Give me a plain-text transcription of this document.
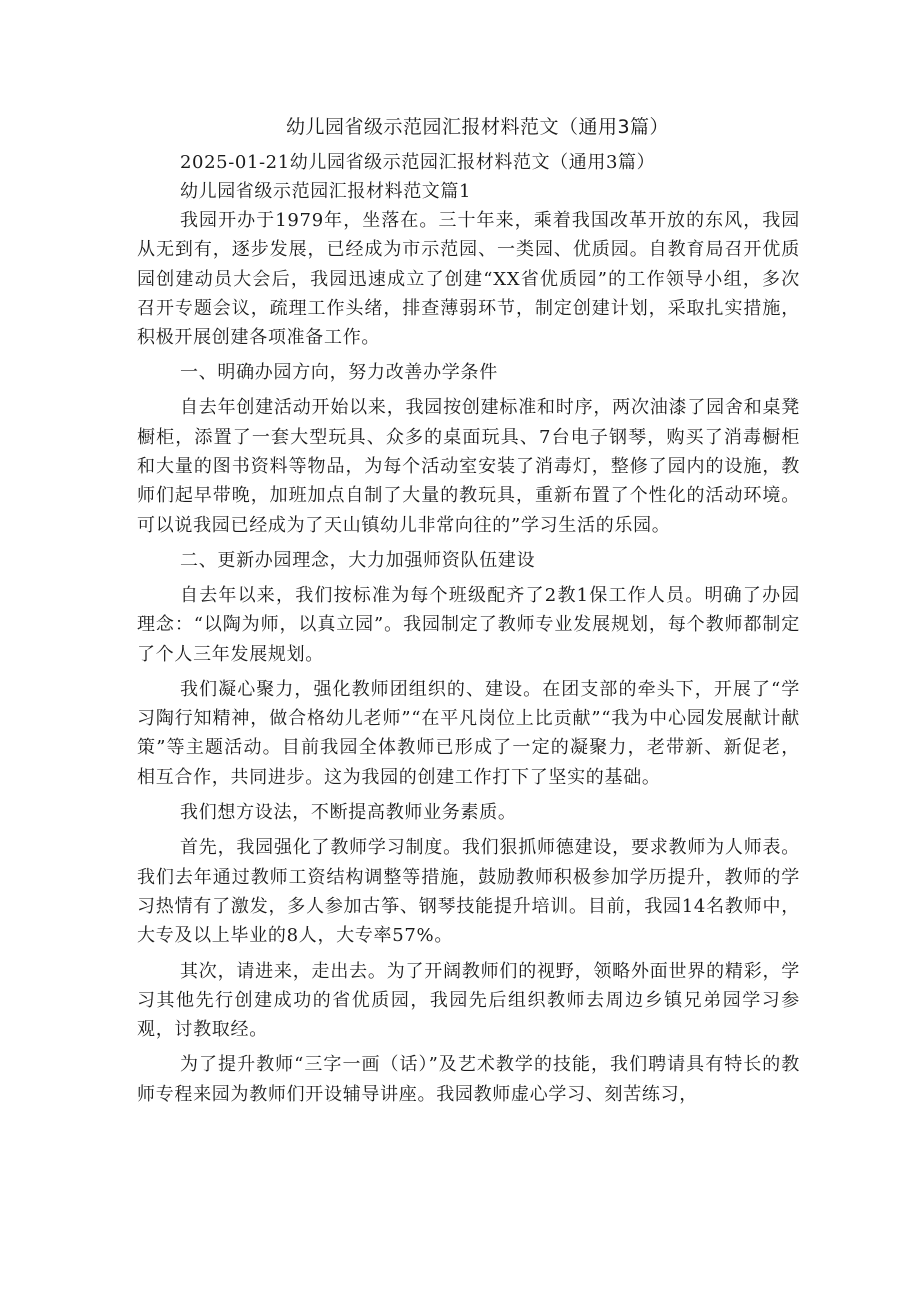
幼儿园省级示范园汇报材料范文（通用3篇）

2025-01-21幼儿园省级示范园汇报材料范文（通用3篇）

幼儿园省级示范园汇报材料范文篇1

我园开办于1979年，坐落在。三十年来，乘着我国改革开放的东风，我园从无到有，逐步发展，已经成为市示范园、一类园、优质园。自教育局召开优质园创建动员大会后，我园迅速成立了创建“XX省优质园”的工作领导小组，多次召开专题会议，疏理工作头绪，排查薄弱环节，制定创建计划，采取扎实措施，积极开展创建各项准备工作。

一、明确办园方向，努力改善办学条件

自去年创建活动开始以来，我园按创建标准和时序，两次油漆了园舍和桌凳橱柜，添置了一套大型玩具、众多的桌面玩具、7台电子钢琴，购买了消毒橱柜和大量的图书资料等物品，为每个活动室安装了消毒灯，整修了园内的设施，教师们起早带晚，加班加点自制了大量的教玩具，重新布置了个性化的活动环境。可以说我园已经成为了天山镇幼儿非常向往的”学习生活的乐园。

二、更新办园理念，大力加强师资队伍建设

自去年以来，我们按标准为每个班级配齐了2教1保工作人员。明确了办园理念：“以陶为师，以真立园”。我园制定了教师专业发展规划，每个教师都制定了个人三年发展规划。

我们凝心聚力，强化教师团组织的、建设。在团支部的牵头下，开展了“学习陶行知精神，做合格幼儿老师”“在平凡岗位上比贡献”“我为中心园发展献计献策”等主题活动。目前我园全体教师已形成了一定的凝聚力，老带新、新促老，相互合作，共同进步。这为我园的创建工作打下了坚实的基础。

我们想方设法，不断提高教师业务素质。

首先，我园强化了教师学习制度。我们狠抓师德建设，要求教师为人师表。我们去年通过教师工资结构调整等措施，鼓励教师积极参加学历提升，教师的学习热情有了激发，多人参加古筝、钢琴技能提升培训。目前，我园14名教师中，大专及以上毕业的8人，大专率57%。

其次，请进来，走出去。为了开阔教师们的视野，领略外面世界的精彩，学习其他先行创建成功的省优质园，我园先后组织教师去周边乡镇兄弟园学习参观，讨教取经。

为了提升教师“三字一画（话）”及艺术教学的技能，我们聘请具有特长的教师专程来园为教师们开设辅导讲座。我园教师虚心学习、刻苦练习，
